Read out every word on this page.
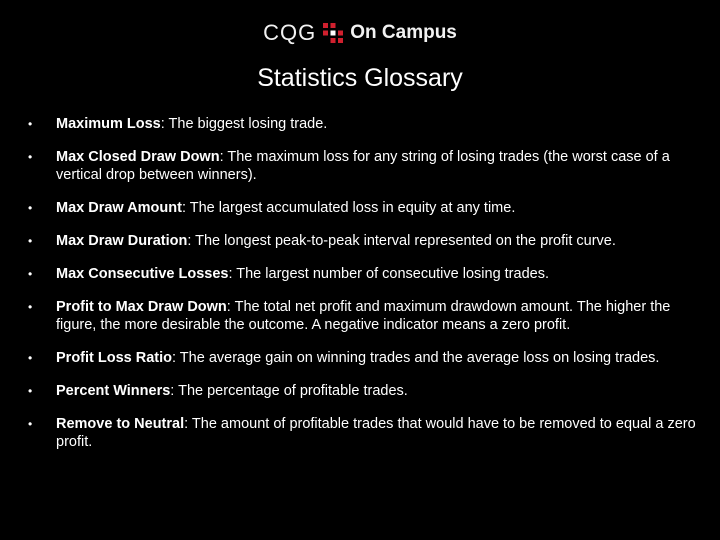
CQG On Campus
Statistics Glossary
•	Maximum Loss: The biggest losing trade.
•	Max Closed Draw Down: The maximum loss for any string of losing trades (the worst case of a vertical drop between winners).
•	Max Draw Amount: The largest accumulated loss in equity at any time.
•	Max Draw Duration: The longest peak-to-peak interval represented on the profit curve.
•	Max Consecutive Losses: The largest number of consecutive losing trades.
•	Profit to Max Draw Down: The total net profit and maximum drawdown amount. The higher the figure, the more desirable the outcome. A negative indicator means a zero profit.
•	Profit Loss Ratio: The average gain on winning trades and the average loss on losing trades.
•	Percent Winners: The percentage of profitable trades.
•	Remove to Neutral: The amount of profitable trades that would have to be removed to equal a zero profit.
